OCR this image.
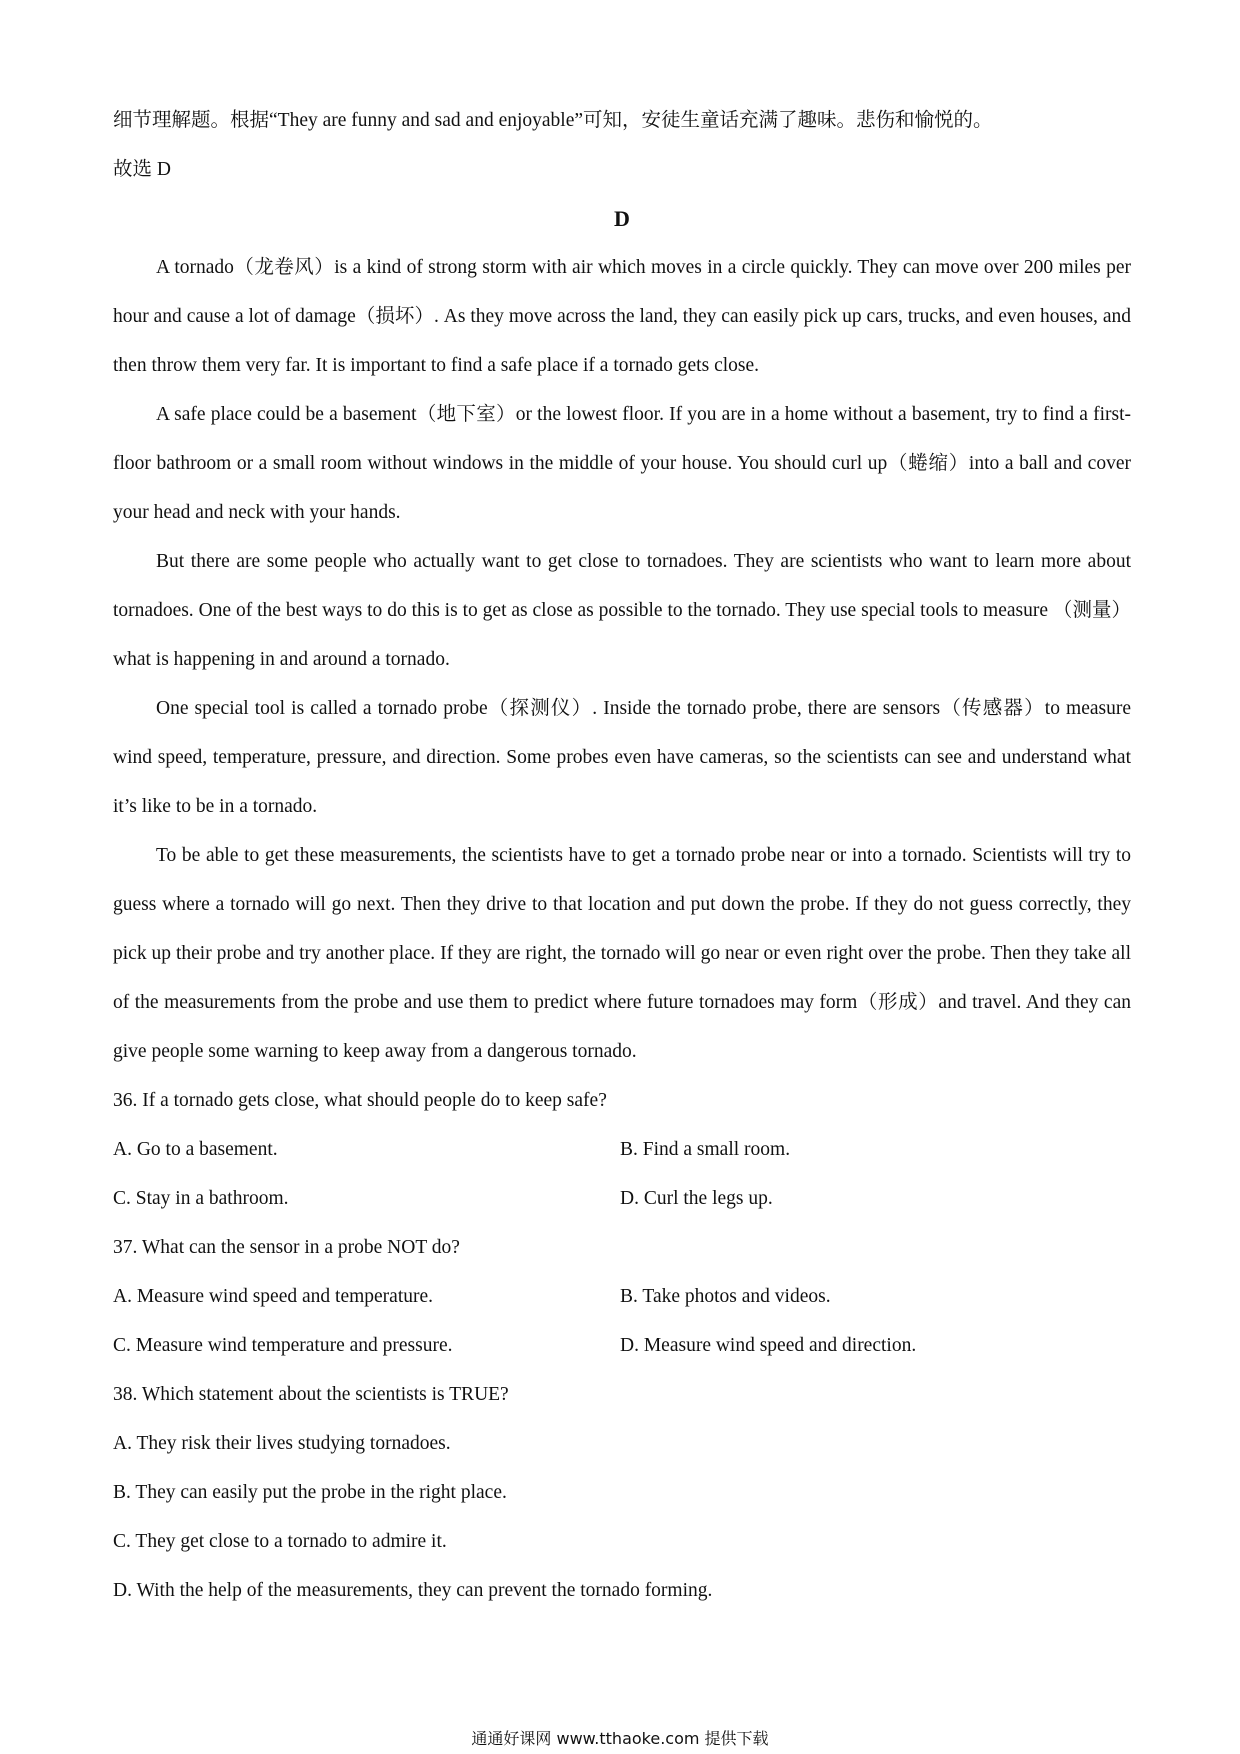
细节理解题。根据“They are funny and sad and enjoyable”可知，安徒生童话充满了趣味。悲伤和愉悦的。
故选 D

D

A tornado（龙卷风）is a kind of strong storm with air which moves in a circle quickly. They can move over 200 miles per hour and cause a lot of damage（损坏）. As they move across the land, they can easily pick up cars, trucks, and even houses, and then throw them very far. It is important to find a safe place if a tornado gets close.

A safe place could be a basement（地下室）or the lowest floor. If you are in a home without a basement, try to find a first-floor bathroom or a small room without windows in the middle of your house. You should curl up（蜷缩）into a ball and cover your head and neck with your hands.

But there are some people who actually want to get close to tornadoes. They are scientists who want to learn more about tornadoes. One of the best ways to do this is to get as close as possible to the tornado. They use special tools to measure （测量） what is happening in and around a tornado.

One special tool is called a tornado probe（探测仪）. Inside the tornado probe, there are sensors（传感器）to measure wind speed, temperature, pressure, and direction. Some probes even have cameras, so the scientists can see and understand what it’s like to be in a tornado.

To be able to get these measurements, the scientists have to get a tornado probe near or into a tornado. Scientists will try to guess where a tornado will go next. Then they drive to that location and put down the probe. If they do not guess correctly, they pick up their probe and try another place. If they are right, the tornado will go near or even right over the probe. Then they take all of the measurements from the probe and use them to predict where future tornadoes may form（形成）and travel. And they can give people some warning to keep away from a dangerous tornado.

36. If a tornado gets close, what should people do to keep safe?

A. Go to a basement.	B. Find a small room.
C. Stay in a bathroom.	D. Curl the legs up.

37. What can the sensor in a probe NOT do?

A. Measure wind speed and temperature.	B. Take photos and videos.
C. Measure wind temperature and pressure.	D. Measure wind speed and direction.

38. Which statement about the scientists is TRUE?

A. They risk their lives studying tornadoes.

B. They can easily put the probe in the right place.

C. They get close to a tornado to admire it.

D. With the help of the measurements, they can prevent the tornado forming.

通通好课网 www.tthaoke.com 提供下载
